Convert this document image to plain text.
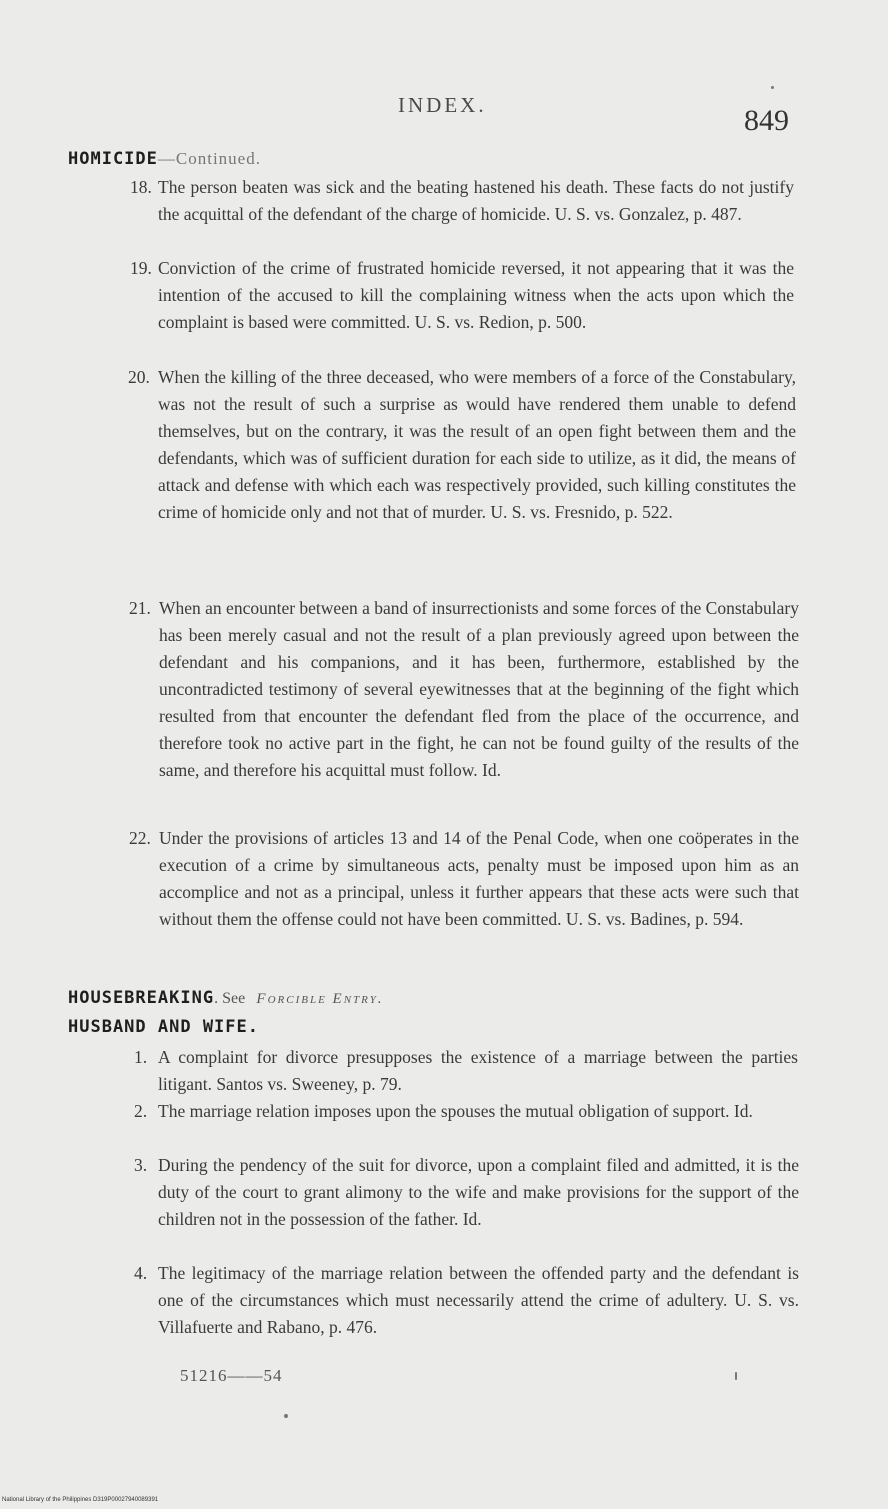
INDEX.	849
HOMICIDE—Continued.
18. The person beaten was sick and the beating hastened his death. These facts do not justify the acquittal of the defendant of the charge of homicide. U. S. vs. Gonzalez, p. 487.

19. Conviction of the crime of frustrated homicide reversed, it not appearing that it was the intention of the accused to kill the complaining witness when the acts upon which the complaint is based were committed. U. S. vs. Redion, p. 500.

20. When the killing of the three deceased, who were members of a force of the Constabulary, was not the result of such a surprise as would have rendered them unable to defend themselves, but on the contrary, it was the result of an open fight between them and the defendants, which was of sufficient duration for each side to utilize, as it did, the means of attack and defense with which each was respectively provided, such killing constitutes the crime of homicide only and not that of murder. U. S. vs. Fresnido, p. 522.

21. When an encounter between a band of insurrectionists and some forces of the Constabulary has been merely casual and not the result of a plan previously agreed upon between the defendant and his companions, and it has been, furthermore, established by the uncontradicted testimony of several eyewitnesses that at the beginning of the fight which resulted from that encounter the defendant fled from the place of the occurrence, and therefore took no active part in the fight, he can not be found guilty of the results of the same, and therefore his acquittal must follow. Id.

22. Under the provisions of articles 13 and 14 of the Penal Code, when one coöperates in the execution of a crime by simultaneous acts, penalty must be imposed upon him as an accomplice and not as a principal, unless it further appears that these acts were such that without them the offense could not have been committed. U. S. vs. Badines, p. 594.

HOUSEBREAKING. See Forcible Entry.
HUSBAND AND WIFE.
1. A complaint for divorce presupposes the existence of a marriage between the parties litigant. Santos vs. Sweeney, p. 79.

2. The marriage relation imposes upon the spouses the mutual obligation of support. Id.

3. During the pendency of the suit for divorce, upon a complaint filed and admitted, it is the duty of the court to grant alimony to the wife and make provisions for the support of the children not in the possession of the father. Id.

4. The legitimacy of the marriage relation between the offended party and the defendant is one of the circumstances which must necessarily attend the crime of adultery. U. S. vs. Villafuerte and Rabano, p. 476.

51216——54
National Library of the Philippines D319P00027940089391
